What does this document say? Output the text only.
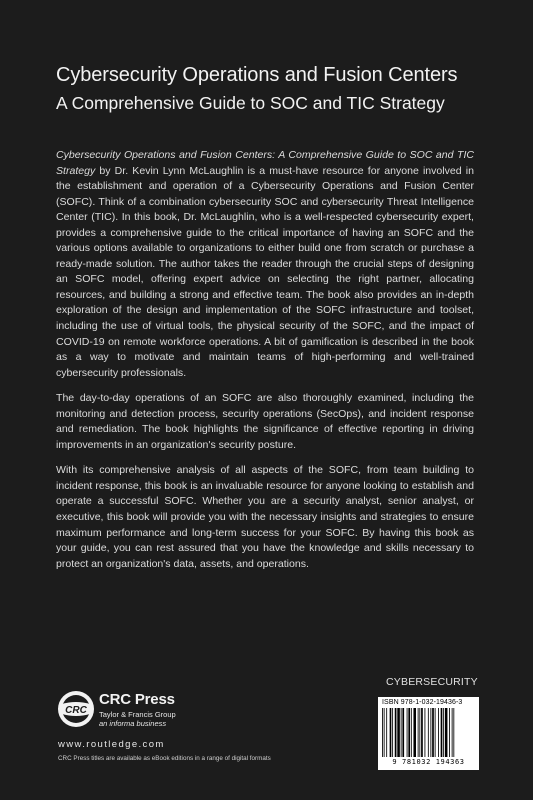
Cybersecurity Operations and Fusion Centers
A Comprehensive Guide to SOC and TIC Strategy

Cybersecurity Operations and Fusion Centers: A Comprehensive Guide to SOC and TIC Strategy by Dr. Kevin Lynn McLaughlin is a must-have resource for anyone involved in the establishment and operation of a Cybersecurity Operations and Fusion Center (SOFC). Think of a combination cybersecurity SOC and cybersecurity Threat Intelligence Center (TIC). In this book, Dr. McLaughlin, who is a well-respected cybersecurity expert, provides a comprehensive guide to the critical importance of having an SOFC and the various options available to organizations to either build one from scratch or purchase a ready-made solution. The author takes the reader through the crucial steps of designing an SOFC model, offering expert advice on selecting the right partner, allocating resources, and building a strong and effective team. The book also provides an in-depth exploration of the design and implementation of the SOFC infrastructure and toolset, including the use of virtual tools, the physical security of the SOFC, and the impact of COVID-19 on remote workforce operations. A bit of gamification is described in the book as a way to motivate and maintain teams of high-performing and well-trained cybersecurity professionals.

The day-to-day operations of an SOFC are also thoroughly examined, including the monitoring and detection process, security operations (SecOps), and incident response and remediation. The book highlights the significance of effective reporting in driving improvements in an organization's security posture.

With its comprehensive analysis of all aspects of the SOFC, from team building to incident response, this book is an invaluable resource for anyone looking to establish and operate a successful SOFC. Whether you are a security analyst, senior analyst, or executive, this book will provide you with the necessary insights and strategies to ensure maximum performance and long-term success for your SOFC. By having this book as your guide, you can rest assured that you have the knowledge and skills necessary to protect an organization's data, assets, and operations.

CYBERSECURITY
ISBN 978-1-032-19436-3
9 781032 194363
CRC
CRC Press
Taylor & Francis Group
an informa business
www.routledge.com
CRC Press titles are available as eBook editions in a range of digital formats
